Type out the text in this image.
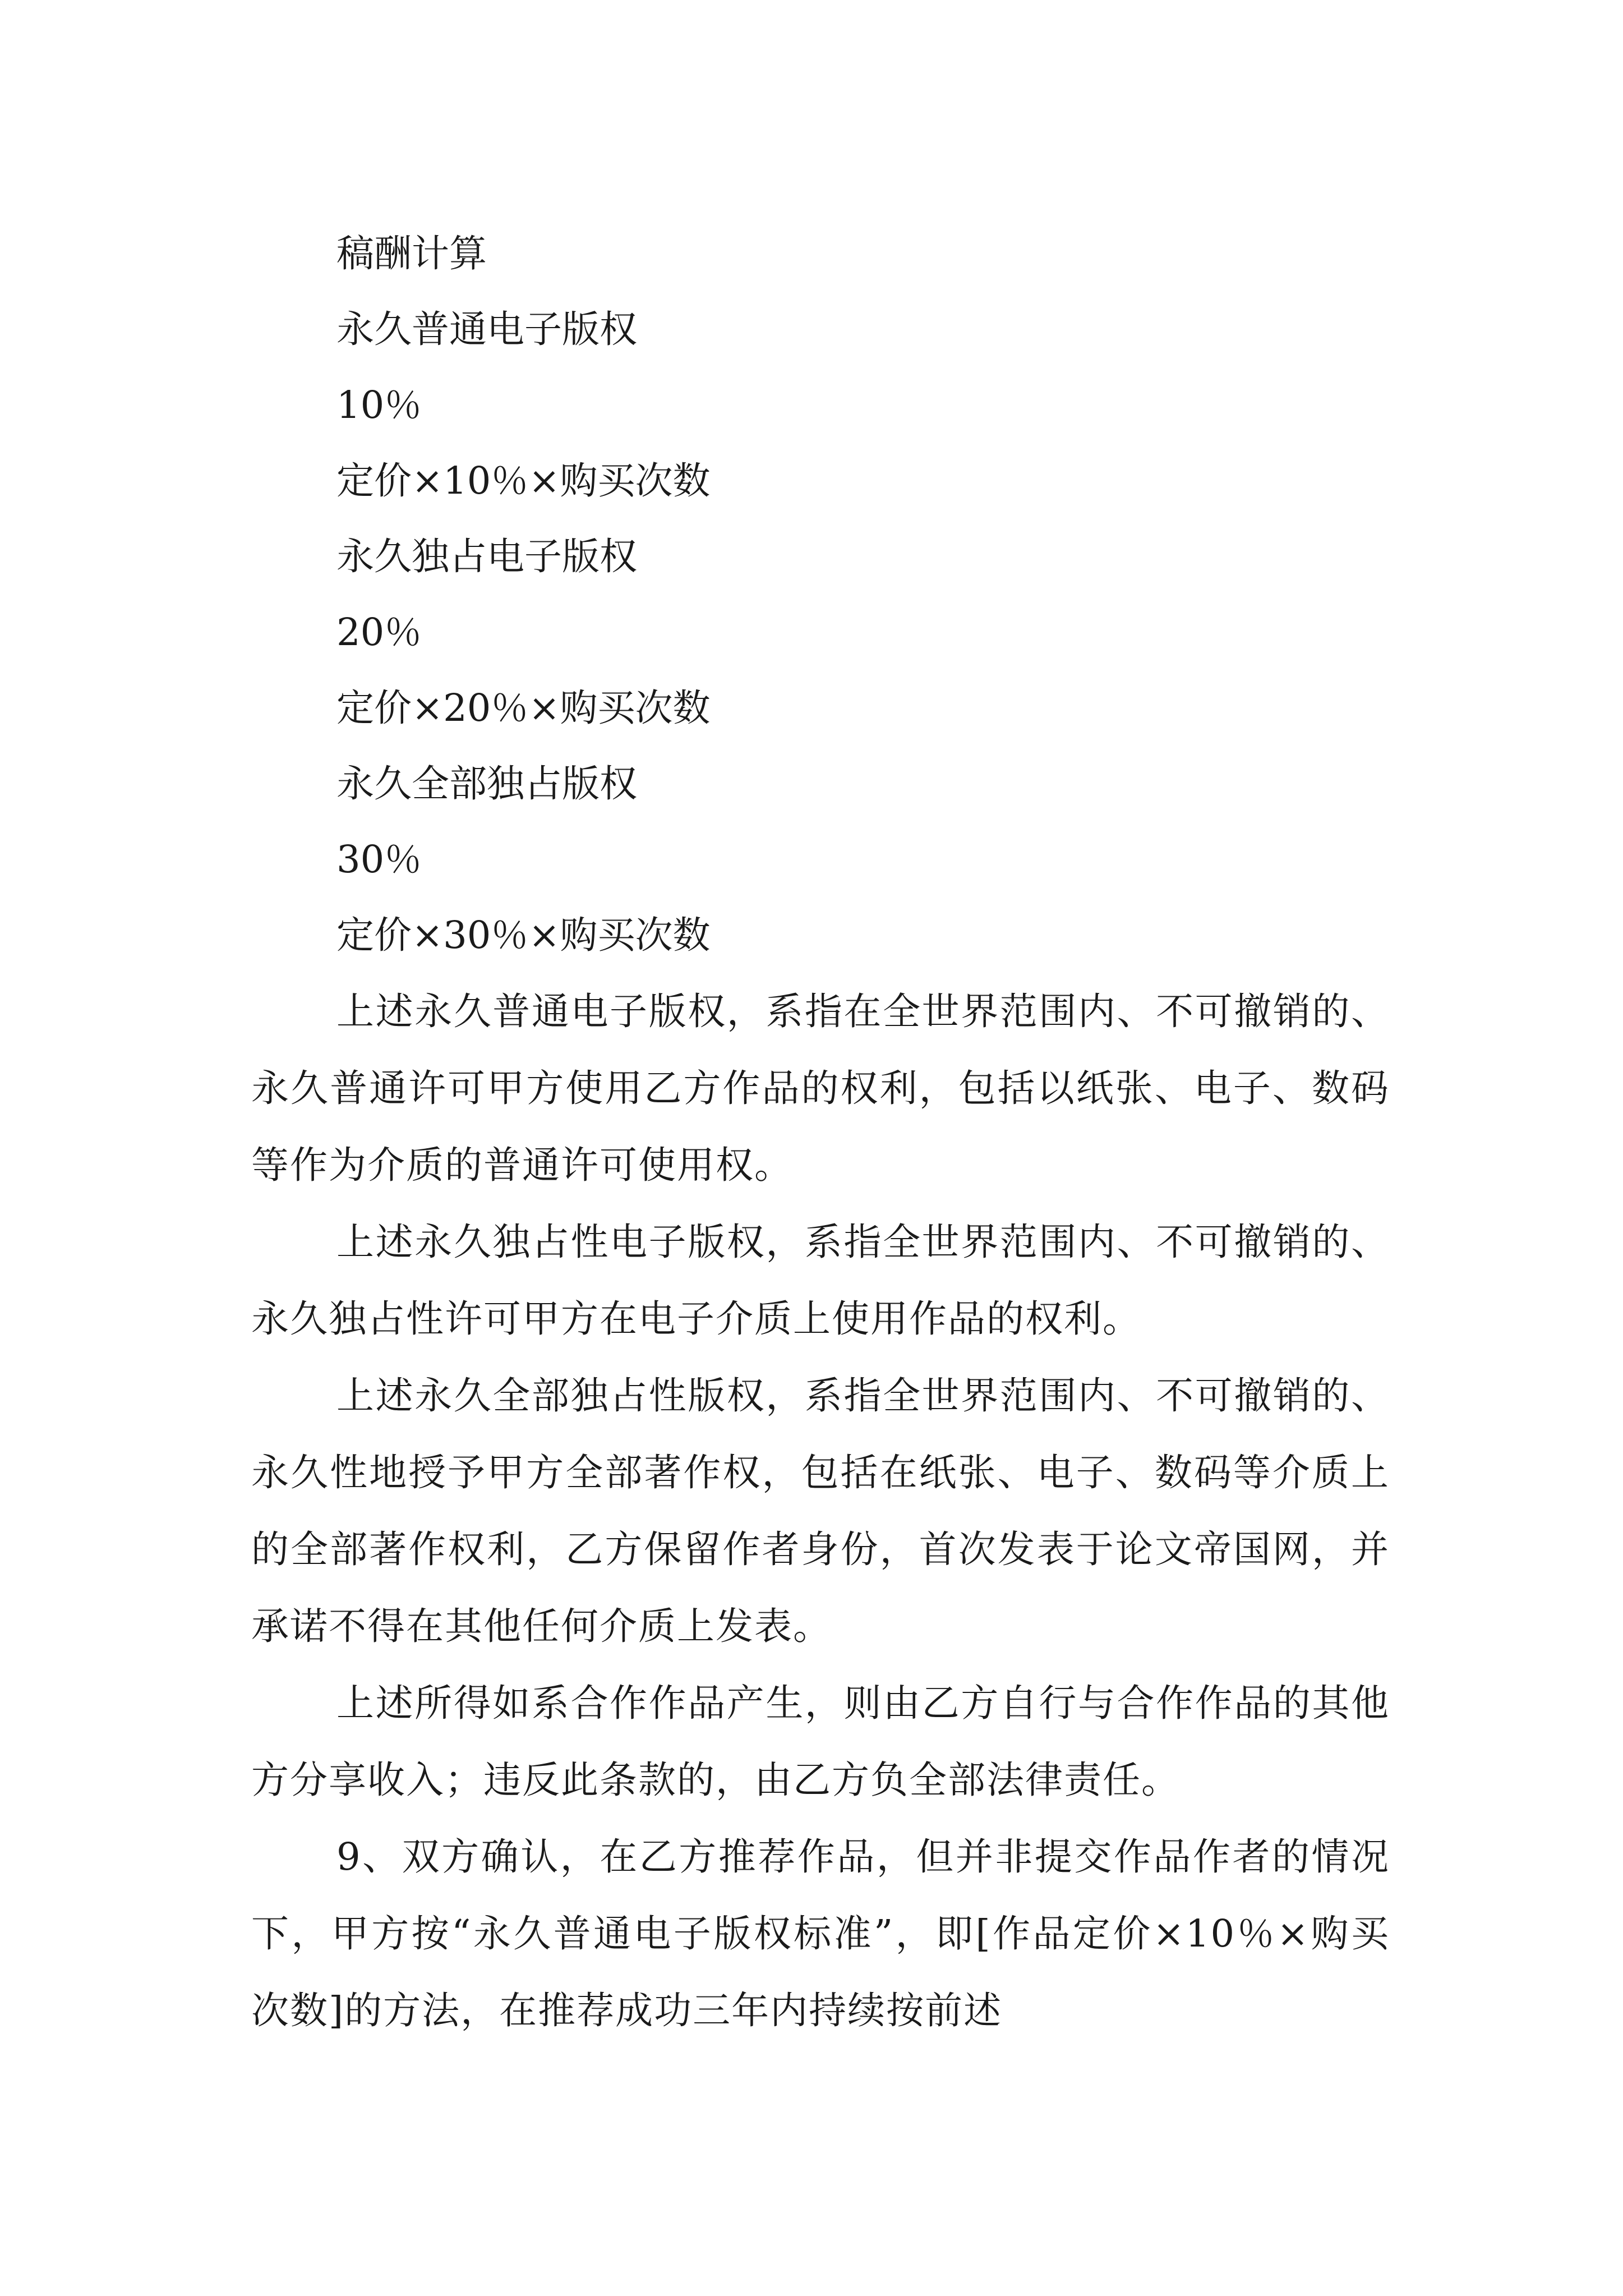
稿酬计算
永久普通电子版权
10％
定价×10％×购买次数
永久独占电子版权
20％
定价×20％×购买次数
永久全部独占版权
30％
定价×30％×购买次数

上述永久普通电子版权，系指在全世界范围内、不可撤销的、永久普通许可甲方使用乙方作品的权利，包括以纸张、电子、数码等作为介质的普通许可使用权。

上述永久独占性电子版权，系指全世界范围内、不可撤销的、永久独占性许可甲方在电子介质上使用作品的权利。

上述永久全部独占性版权，系指全世界范围内、不可撤销的、永久性地授予甲方全部著作权，包括在纸张、电子、数码等介质上的全部著作权利，乙方保留作者身份，首次发表于论文帝国网，并承诺不得在其他任何介质上发表。

上述所得如系合作作品产生，则由乙方自行与合作作品的其他方分享收入；违反此条款的，由乙方负全部法律责任。

9、双方确认，在乙方推荐作品，但并非提交作品作者的情况下，甲方按“永久普通电子版权标准”，即[作品定价×10％×购买次数]的方法，在推荐成功三年内持续按前述
